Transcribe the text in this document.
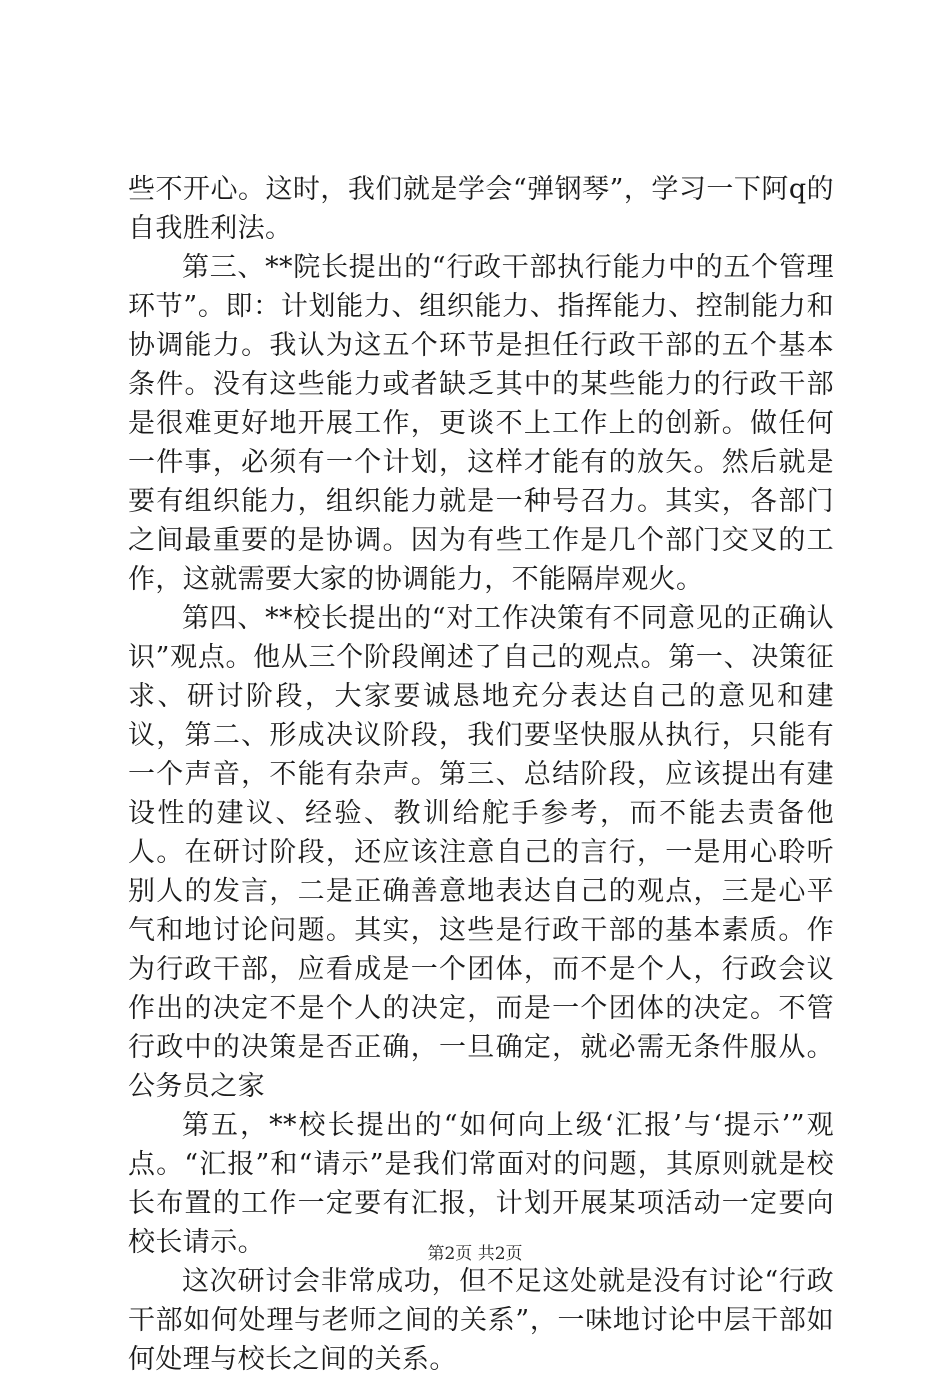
些不开心。这时，我们就是学会“弹钢琴”，学习一下阿q的自我胜利法。

第三、**院长提出的“行政干部执行能力中的五个管理环节”。即：计划能力、组织能力、指挥能力、控制能力和协调能力。我认为这五个环节是担任行政干部的五个基本条件。没有这些能力或者缺乏其中的某些能力的行政干部是很难更好地开展工作，更谈不上工作上的创新。做任何一件事，必须有一个计划，这样才能有的放矢。然后就是要有组织能力，组织能力就是一种号召力。其实，各部门之间最重要的是协调。因为有些工作是几个部门交叉的工作，这就需要大家的协调能力，不能隔岸观火。

第四、**校长提出的“对工作决策有不同意见的正确认识”观点。他从三个阶段阐述了自己的观点。第一、决策征求、研讨阶段，大家要诚恳地充分表达自己的意见和建议，第二、形成决议阶段，我们要坚快服从执行，只能有一个声音，不能有杂声。第三、总结阶段，应该提出有建设性的建议、经验、教训给舵手参考，而不能去责备他人。在研讨阶段，还应该注意自己的言行，一是用心聆听别人的发言，二是正确善意地表达自己的观点，三是心平气和地讨论问题。其实，这些是行政干部的基本素质。作为行政干部，应看成是一个团体，而不是个人，行政会议作出的决定不是个人的决定，而是一个团体的决定。不管行政中的决策是否正确，一旦确定，就必需无条件服从。公务员之家

第五，**校长提出的“如何向上级‘汇报’与‘提示’”观点。“汇报”和“请示”是我们常面对的问题，其原则就是校长布置的工作一定要有汇报，计划开展某项活动一定要向校长请示。

这次研讨会非常成功，但不足这处就是没有讨论“行政干部如何处理与老师之间的关系”，一味地讨论中层干部如何处理与校长之间的关系。

第2页 共2页
